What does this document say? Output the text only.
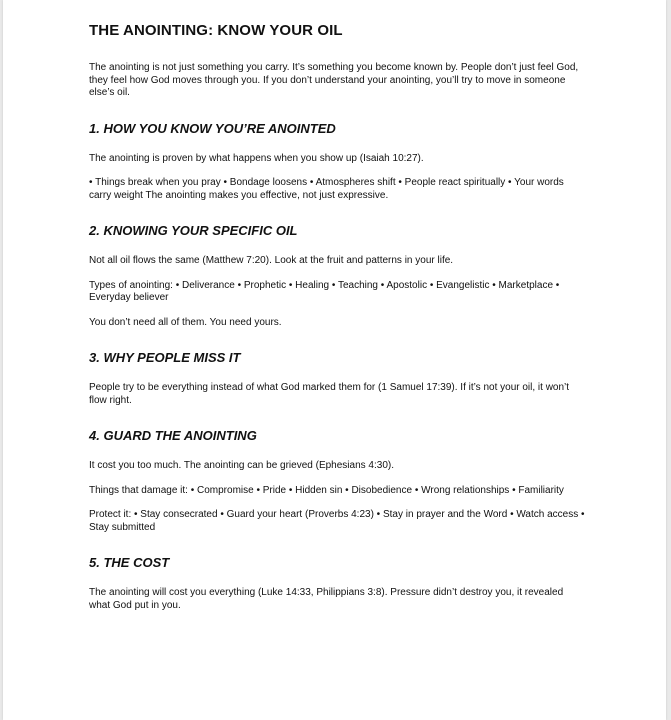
THE ANOINTING: KNOW YOUR OIL

The anointing is not just something you carry. It’s something you become known by. People don’t just feel God, they feel how God moves through you. If you don’t understand your anointing, you’ll try to move in someone else’s oil.

1. HOW YOU KNOW YOU’RE ANOINTED

The anointing is proven by what happens when you show up (Isaiah 10:27).

• Things break when you pray • Bondage loosens • Atmospheres shift • People react spiritually • Your words carry weight The anointing makes you effective, not just expressive.

2. KNOWING YOUR SPECIFIC OIL

Not all oil flows the same (Matthew 7:20). Look at the fruit and patterns in your life.

Types of anointing: • Deliverance • Prophetic • Healing • Teaching • Apostolic • Evangelistic • Marketplace • Everyday believer

You don’t need all of them. You need yours.

3. WHY PEOPLE MISS IT

People try to be everything instead of what God marked them for (1 Samuel 17:39). If it’s not your oil, it won’t flow right.

4. GUARD THE ANOINTING

It cost you too much. The anointing can be grieved (Ephesians 4:30).

Things that damage it: • Compromise • Pride • Hidden sin • Disobedience • Wrong relationships • Familiarity

Protect it: • Stay consecrated • Guard your heart (Proverbs 4:23) • Stay in prayer and the Word • Watch access • Stay submitted

5. THE COST

The anointing will cost you everything (Luke 14:33, Philippians 3:8). Pressure didn’t destroy you, it revealed what God put in you.
